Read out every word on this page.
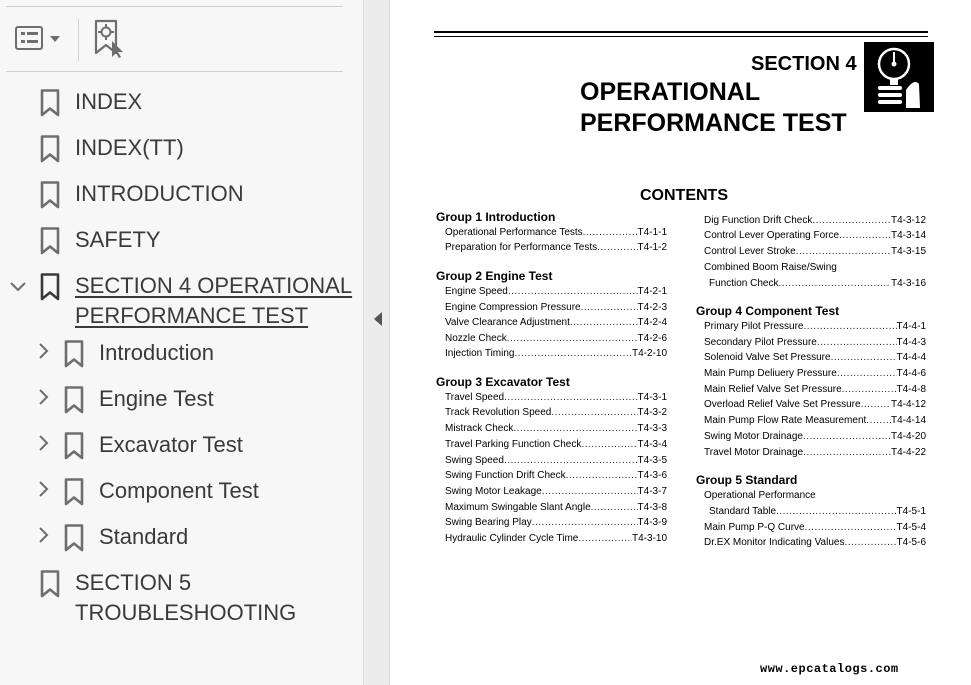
INDEX
INDEX(TT)
INTRODUCTION
SAFETY
SECTION 4 OPERATIONAL
PERFORMANCE TEST
Introduction
Engine Test
Excavator Test
Component Test
Standard
SECTION 5
TROUBLESHOOTING
SECTION 4
OPERATIONAL
PERFORMANCE TEST
CONTENTS
Group 1 Introduction
Operational Performance Tests .....	T4-1-1
Preparation for Performance Tests .....	T4-1-2
Group 2 Engine Test
Engine Speed .....	T4-2-1
Engine Compression Pressure .....	T4-2-3
Valve Clearance Adjustment .....	T4-2-4
Nozzle Check .....	T4-2-6
Injection Timing .....	T4-2-10
Group 3 Excavator Test
Travel Speed .....	T4-3-1
Track Revolution Speed .....	T4-3-2
Mistrack Check .....	T4-3-3
Travel Parking Function Check .....	T4-3-4
Swing Speed .....	T4-3-5
Swing Function Drift Check .....	T4-3-6
Swing Motor Leakage .....	T4-3-7
Maximum Swingable Slant Angle .....	T4-3-8
Swing Bearing Play .....	T4-3-9
Hydraulic Cylinder Cycle Time .....	T4-3-10
Dig Function Drift Check .....	T4-3-12
Control Lever Operating Force .....	T4-3-14
Control Lever Stroke .....	T4-3-15
Combined Boom Raise/Swing
Function Check .....	T4-3-16
Group 4 Component Test
Primary Pilot Pressure .....	T4-4-1
Secondary Pilot Pressure .....	T4-4-3
Solenoid Valve Set Pressure .....	T4-4-4
Main Pump Deliuery Pressure .....	T4-4-6
Main Relief Valve Set Pressure .....	T4-4-8
Overload Relief Valve Set Pressure .....	T4-4-12
Main Pump Flow Rate Measurement ..... T4-4-14
Swing Motor Drainage .....	T4-4-20
Travel Motor Drainage .....	T4-4-22
Group 5 Standard
Operational Performance
Standard Table .....	T4-5-1
Main Pump P-Q Curve .....	T4-5-4
Dr.EX Monitor Indicating Values .....	T4-5-6
www.epcatalogs.com
